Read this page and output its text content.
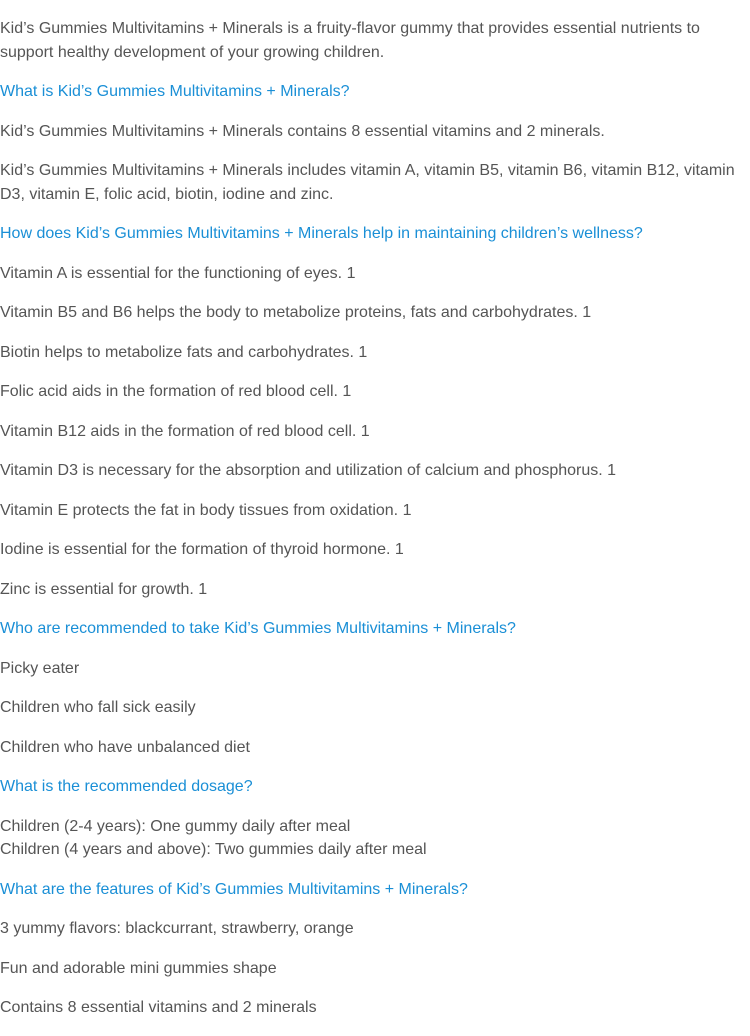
Kid’s Gummies Multivitamins + Minerals is a fruity-flavor gummy that provides essential nutrients to support healthy development of your growing children.

What is Kid’s Gummies Multivitamins + Minerals?

Kid’s Gummies Multivitamins + Minerals contains 8 essential vitamins and 2 minerals.

Kid’s Gummies Multivitamins + Minerals includes vitamin A, vitamin B5, vitamin B6, vitamin B12, vitamin D3, vitamin E, folic acid, biotin, iodine and zinc.

How does Kid’s Gummies Multivitamins + Minerals help in maintaining children’s wellness?

Vitamin A is essential for the functioning of eyes. 1

Vitamin B5 and B6 helps the body to metabolize proteins, fats and carbohydrates. 1

Biotin helps to metabolize fats and carbohydrates. 1

Folic acid aids in the formation of red blood cell. 1

Vitamin B12 aids in the formation of red blood cell. 1

Vitamin D3 is necessary for the absorption and utilization of calcium and phosphorus. 1

Vitamin E protects the fat in body tissues from oxidation. 1

Iodine is essential for the formation of thyroid hormone. 1

Zinc is essential for growth. 1

Who are recommended to take Kid’s Gummies Multivitamins + Minerals?

Picky eater

Children who fall sick easily

Children who have unbalanced diet

What is the recommended dosage?

Children (2-4 years): One gummy daily after meal

Children (4 years and above): Two gummies daily after meal

What are the features of Kid’s Gummies Multivitamins + Minerals?

3 yummy flavors: blackcurrant, strawberry, orange

Fun and adorable mini gummies shape

Contains 8 essential vitamins and 2 minerals
